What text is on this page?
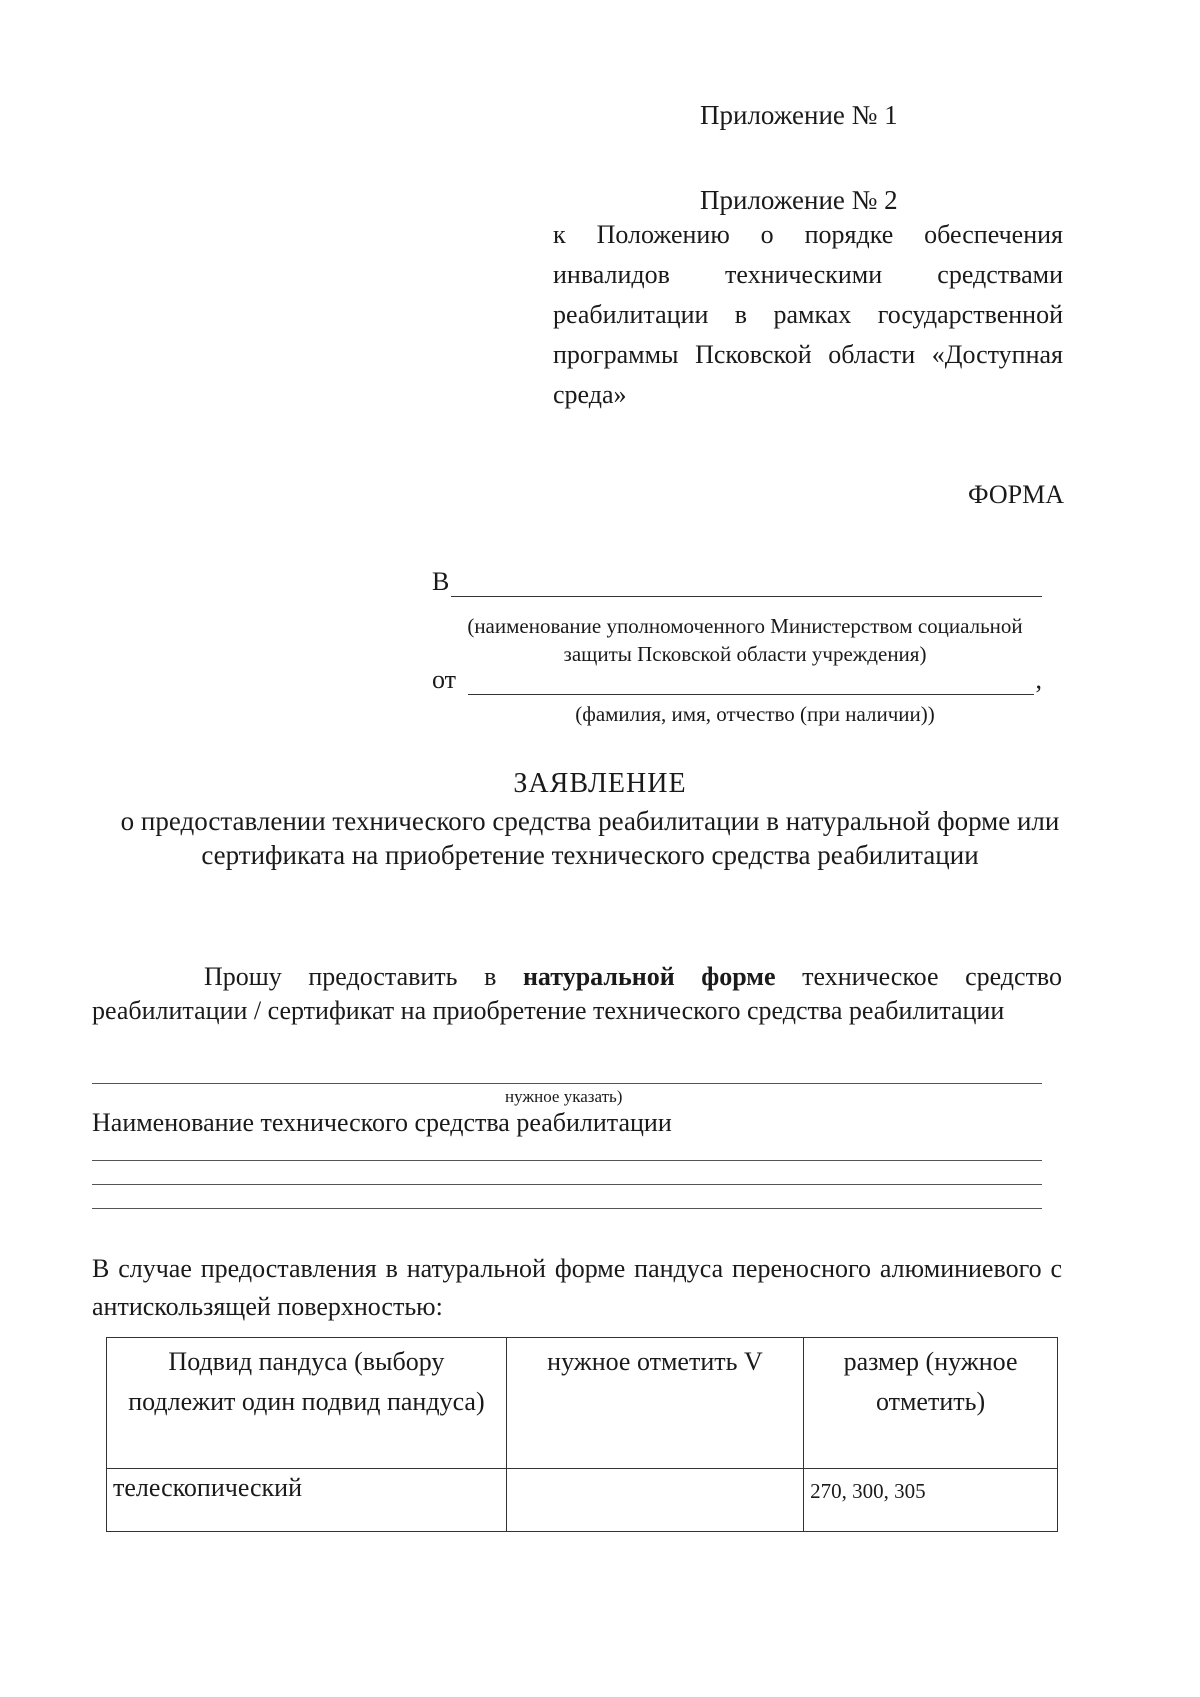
Приложение № 1
Приложение № 2
к Положению о порядке обеспечения инвалидов техническими средствами реабилитации в рамках государственной программы Псковской области «Доступная среда»
ФОРМА
В
(наименование уполномоченного Министерством социальной защиты Псковской области учреждения)
от	,
(фамилия, имя, отчество (при наличии))
ЗАЯВЛЕНИЕ
о предоставлении технического средства реабилитации в натуральной форме или сертификата на приобретение технического средства реабилитации
Прошу предоставить в натуральной форме техническое средство реабилитации / сертификат на приобретение технического средства реабилитации
нужное указать)
Наименование технического средства реабилитации
В случае предоставления в натуральной форме пандуса переносного алюминиевого с антискользящей поверхностью:
Подвид пандуса (выбору подлежит один подвид пандуса)	нужное отметить V	размер (нужное отметить)
телескопический		270, 300, 305
